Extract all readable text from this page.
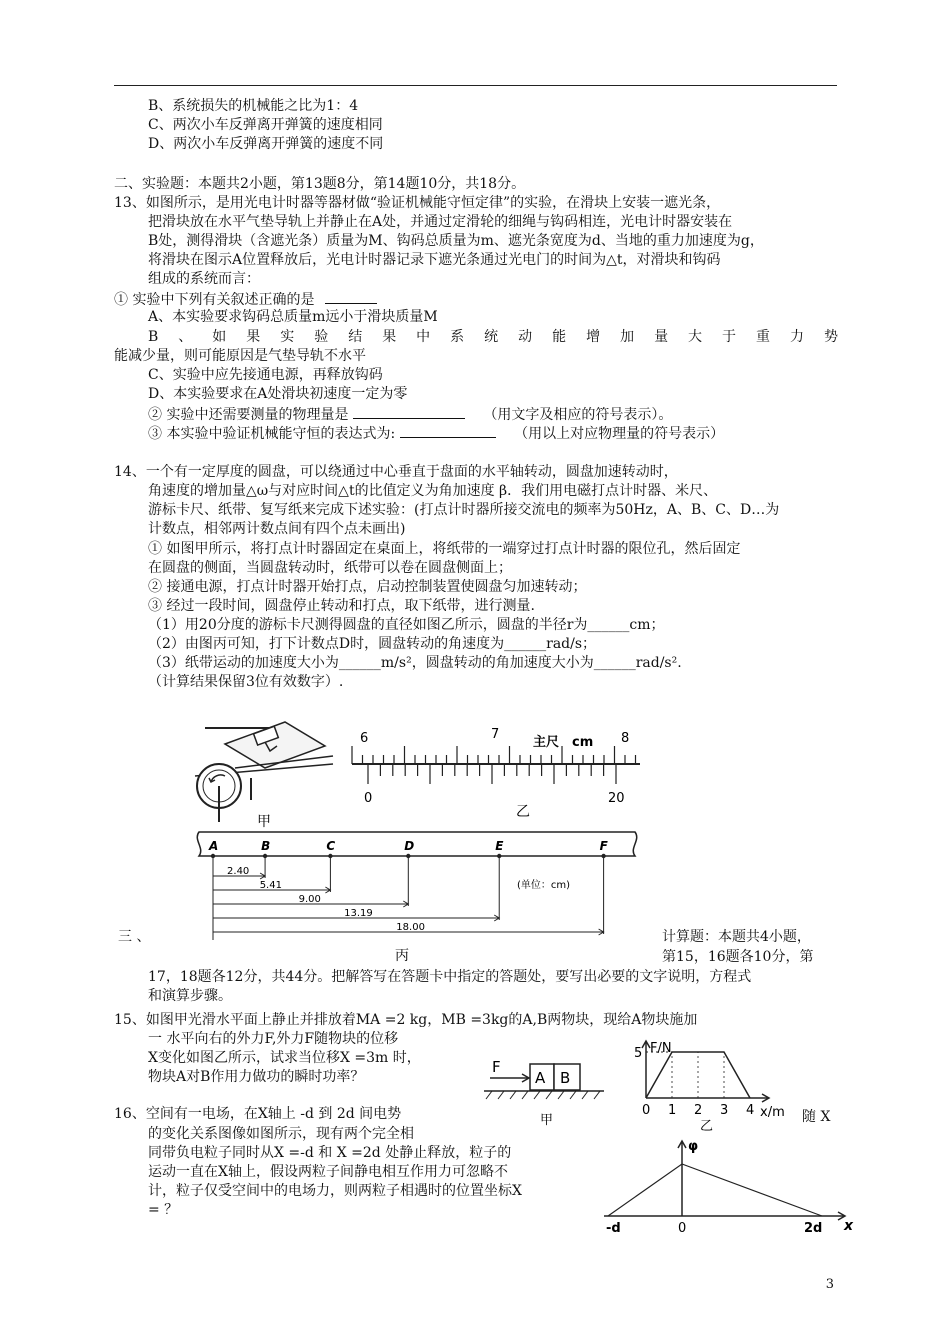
B、系统损失的机械能之比为1：4
C、两次小车反弹离开弹簧的速度相同
D、两次小车反弹离开弹簧的速度不同
二、实验题：本题共2小题，第13题8分，第14题10分，共18分。
13、如图所示，是用光电计时器等器材做“验证机械能守恒定律”的实验，在滑块上安装一遮光条，
把滑块放在水平气垫导轨上并静止在A处，并通过定滑轮的细绳与钩码相连，光电计时器安装在
B处，测得滑块（含遮光条）质量为M、钩码总质量为m、遮光条宽度为d、当地的重力加速度为g，
将滑块在图示A位置释放后，光电计时器记录下遮光条通过光电门的时间为△t，对滑块和钩码
组成的系统而言：
① 实验中下列有关叙述正确的是
A、本实验要求钩码总质量m远小于滑块质量M
B 、 如 果 实 验 结 果 中 系 统 动 能 增 加 量 大 于 重 力 势
能减少量，则可能原因是气垫导轨不水平
C、实验中应先接通电源，再释放钩码
D、本实验要求在A处滑块初速度一定为零
② 实验中还需要测量的物理量是	（用文字及相应的符号表示）。
③ 本实验中验证机械能守恒的表达式为:	（用以上对应物理量的符号表示）
14、一个有一定厚度的圆盘，可以绕通过中心垂直于盘面的水平轴转动，圆盘加速转动时，
角速度的增加量△ω与对应时间△t的比值定义为角加速度 β．我们用电磁打点计时器、米尺、
游标卡尺、纸带、复写纸来完成下述实验：(打点计时器所接交流电的频率为50Hz，A、B、C、D…为
计数点，相邻两计数点间有四个点未画出)
① 如图甲所示，将打点计时器固定在桌面上，将纸带的一端穿过打点计时器的限位孔，然后固定
在圆盘的侧面，当圆盘转动时，纸带可以卷在圆盘侧面上；
② 接通电源，打点计时器开始打点，启动控制装置使圆盘匀加速转动；
③ 经过一段时间，圆盘停止转动和打点，取下纸带，进行测量.
（1）用20分度的游标卡尺测得圆盘的直径如图乙所示，圆盘的半径r为______cm；
（2）由图丙可知，打下计数点D时，圆盘转动的角速度为______rad/s；
（3）纸带运动的加速度大小为______m/s²，圆盘转动的角加速度大小为______rad/s².
（计算结果保留3位有效数字）.
甲
6	7	8
主尺 cm
0	20
乙
A	B	C	D	E	F
2.40
5.41
9.00
13.19
18.00
(单位：cm)
丙
三 、	计算题：本题共4小题，
第15，16题各10分，第
17，18题各12分，共44分。把解答写在答题卡中指定的答题处，要写出必要的文字说明，方程式
和演算步骤。
15、如图甲光滑水平面上静止并排放着MA =2 kg，MB =3kg的A,B两物块，现给A物块施加
一 水平向右的外力F,外力F随物块的位移
X变化如图乙所示，试求当位移X =3m 时，
物块A对B作用力做功的瞬时功率？
F
A B
甲
F/N
x/m
0 1 2 3 4
5
乙
16、空间有一电场，在X轴上 -d 到 2d 间电势	随 X
的变化关系图像如图所示，现有两个完全相
同带负电粒子同时从X =-d 和 X =2d 处静止释放，粒子的
运动一直在X轴上，假设两粒子间静电相互作用力可忽略不
计，粒子仅受空间中的电场力，则两粒子相遇时的位置坐标X
= ？
φ
-d	0	2d x
3
